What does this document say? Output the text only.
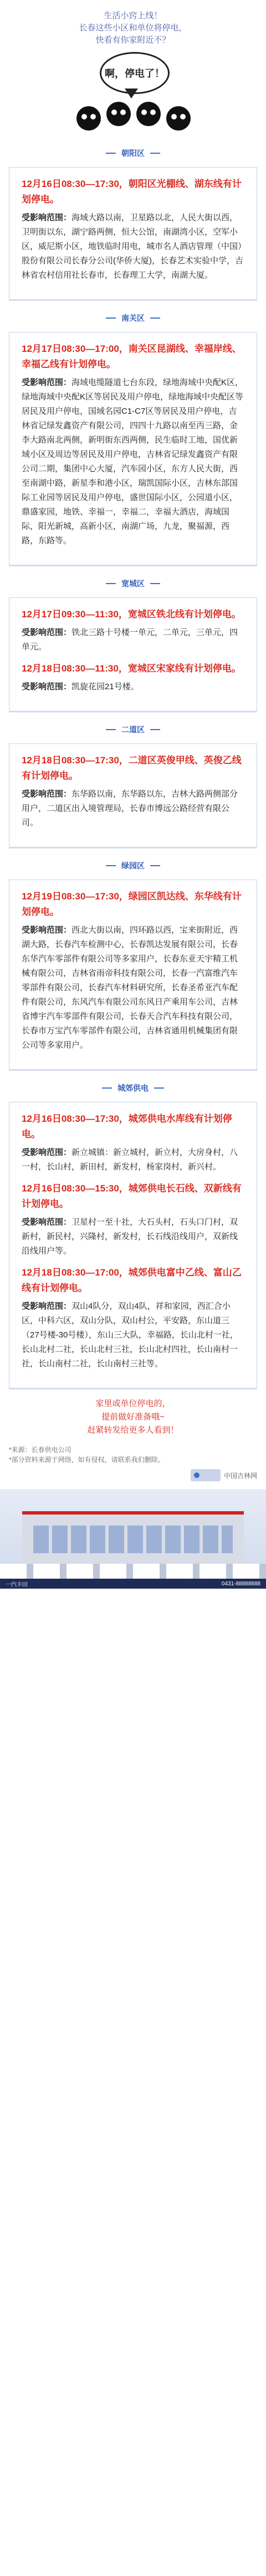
生活小窍上线！
长春这些小区和单位将停电，
快看有你家附近不？
啊，停电了！
朝阳区
12月16日08:30—17:30，朝阳区光棚线、湖东线有计划停电。
受影响范围：海域大路以南，卫星路以北，人民大街以西，卫明街以东，湖宁路两侧，恒大公馆，南湖湾小区，空军小区，威尼斯小区，地铁临时用电，城市名人酒店管理（中国）股份有限公司长春分公司(华侨大厦)，长春艺术实验中学，吉林省农村信用社长春市，长春理工大学，南湖大厦。
南关区
12月17日08:30—17:00，南关区昆湖线、幸福岸线、幸福乙线有计划停电。
受影响范围：海域电缆隧道七台东段，绿地海域中央配K区，绿地海域中央配K区等居民及用户停电，绿地海域中央配区等居民及用户停电，国域名园C1-C7区等居民及用户停电，吉林省记绿发鑫资产有限公司，四四十九路以南至丙三路，金李大路南北两侧，新明街东西两侧，民生临时工地，国优新域小区及周边等居民及用户停电，吉林省记绿发鑫资产有限公司二期，集团中心大厦，汽车园小区，东方人民大街，西至南湖中路，新星李和港小区，瑞凯国际小区，吉林东部国际工业园等居民及用户停电，盛世国际小区，公园道小区，鼎盛家园，地铁、幸福一，幸福二，幸福大酒店，海域国际，阳光新城，高新小区，南湖广场，九龙，聚福源，西路，东路等。
宽城区
12月17日09:30—11:30，宽城区铁北线有计划停电。
受影响范围：铁北三路十号楼一单元，二单元，三单元，四单元。
12月18日08:30—11:30，宽城区宋家线有计划停电。
受影响范围：凯旋花园21号楼。
二道区
12月18日08:30—17:30，二道区英俊甲线、英俊乙线有计划停电。
受影响范围：东华路以南，东华路以东，吉林大路两侧部分用户，二道区出入境管理局，长春市博远公路经营有限公司。
绿园区
12月19日08:30—17:30，绿园区凯达线、东华线有计划停电。
受影响范围：西北大街以南，四环路以西，宝来街附近，西湖大路，长春汽车检测中心，长春凯达发展有限公司，长春东华汽车零部件有限公司等多家用户，长春东亚天宇精工机械有限公司，吉林省雨帝科技有限公司，长春一汽富维汽车零部件有限公司，长春汽车材料研究所，长春圣希亚汽车配件有限公司，东风汽车有限公司东风日产乘用车公司，吉林省博宇汽车零部件有限公司，长春天合汽车科技有限公司，长春市万宝汽车零部件有限公司，吉林省通用机械集团有限公司等多家用户。
城郊供电
12月16日08:30—17:30，城郊供电水库线有计划停电。
受影响范围：新立城镇：新立城村，新立村，大房身村，八一村，长山村，新田村，新发村，杨家岗村，新兴村。
12月16日08:30—15:30，城郊供电长石线、双新线有计划停电。
受影响范围：卫星村一至十社，大石头村，石头口门村，双新村，新民村，兴隆村，新发村，长石线沿线用户，双新线沿线用户等。
12月18日08:30—17:00，城郊供电富中乙线、富山乙线有计划停电。
受影响范围：双山4队分，双山4队，祥和家园，西汇合小区，中科六区，双山分队，双山村公，平安路，东山道三（27号楼-30号楼），东山三大队，幸福路，长山北村一社，长山北村二社，长山北村三社，长山北村四社，长山南村一社，长山南村二社，长山南村三社等。
家里或单位停电的，
提前做好准备哦~
赶紧转发给更多人看到！
*来源：长春供电公司
*部分资料来源于网络，如有侵权，请联系我们删除。
中国吉林网
一汽丰田	0431-88888888
